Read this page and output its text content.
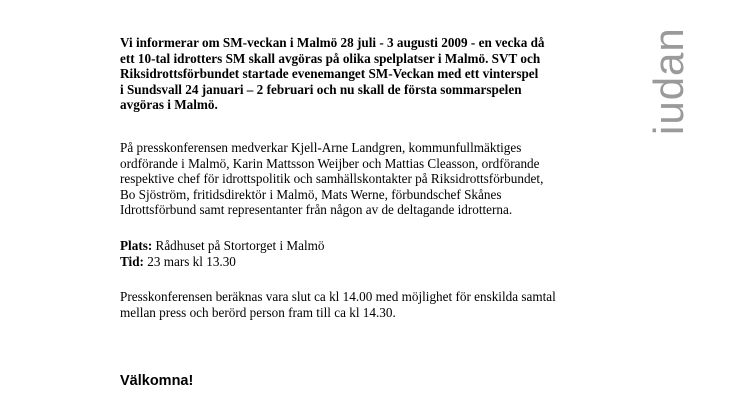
iudan
Vi informerar om SM-veckan i Malmö 28 juli - 3 augusti 2009 - en vecka då
ett 10-tal idrotters SM skall avgöras på olika spelplatser i Malmö. SVT och
Riksidrottsförbundet startade evenemanget SM-Veckan med ett vinterspel
i Sundsvall 24 januari – 2 februari och nu skall de första sommarspelen
avgöras i Malmö.
På presskonferensen medverkar Kjell-Arne Landgren, kommunfullmäktiges
ordförande i Malmö, Karin Mattsson Weijber och Mattias Cleasson, ordförande
respektive chef för idrottspolitik och samhällskontakter på Riksidrottsförbundet,
Bo Sjöström, fritidsdirektör i Malmö, Mats Werne, förbundschef Skånes
Idrottsförbund samt representanter från någon av de deltagande idrotterna.
Plats: Rådhuset på Stortorget i Malmö
Tid: 23 mars kl 13.30
Presskonferensen beräknas vara slut ca kl 14.00 med möjlighet för enskilda samtal
mellan press och berörd person fram till ca kl 14.30.
Välkomna!
